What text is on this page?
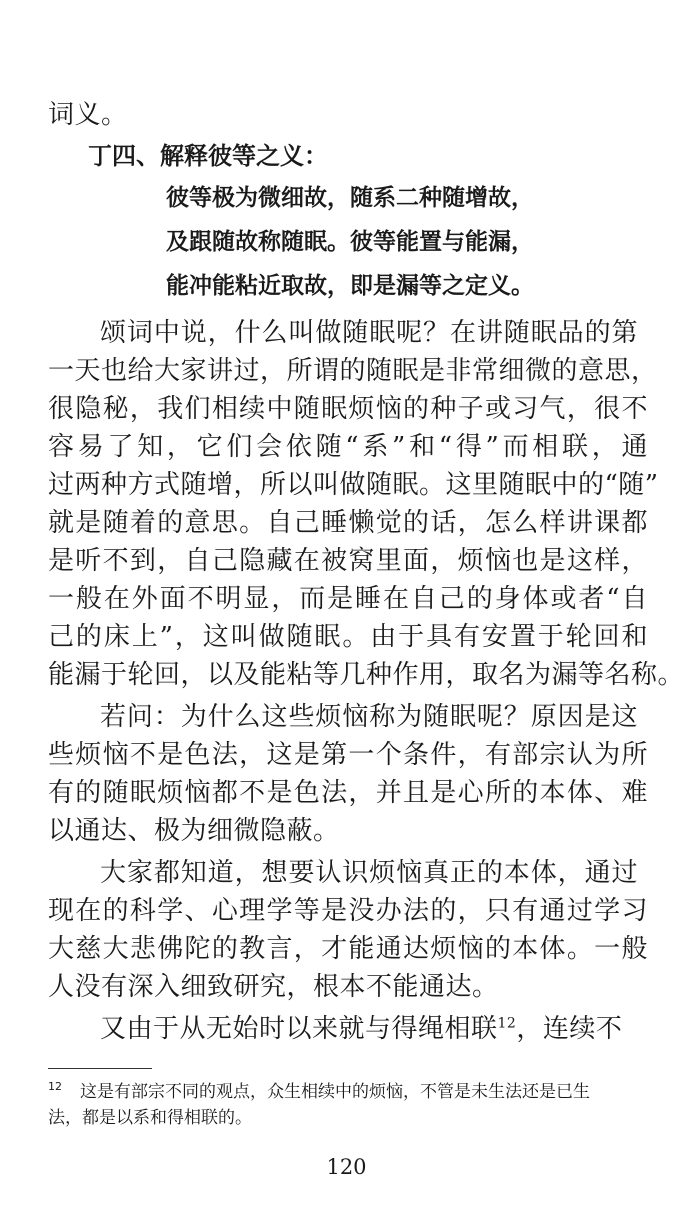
词义。
丁四、解释彼等之义：
彼等极为微细故，随系二种随增故，
及跟随故称随眠。彼等能置与能漏，
能冲能粘近取故，即是漏等之定义。
颂词中说，什么叫做随眠呢？在讲随眠品的第
一天也给大家讲过，所谓的随眠是非常细微的意思，
很隐秘，我们相续中随眠烦恼的种子或习气，很不
容易了知，它们会依随“系”和“得”而相联，通
过两种方式随增，所以叫做随眠。这里随眠中的“随”
就是随着的意思。自己睡懒觉的话，怎么样讲课都
是听不到，自己隐藏在被窝里面，烦恼也是这样，
一般在外面不明显，而是睡在自己的身体或者“自
己的床上”，这叫做随眠。由于具有安置于轮回和
能漏于轮回，以及能粘等几种作用，取名为漏等名称。
若问：为什么这些烦恼称为随眠呢？原因是这
些烦恼不是色法，这是第一个条件，有部宗认为所
有的随眠烦恼都不是色法，并且是心所的本体、难
以通达、极为细微隐蔽。
大家都知道，想要认识烦恼真正的本体，通过
现在的科学、心理学等是没办法的，只有通过学习
大慈大悲佛陀的教言，才能通达烦恼的本体。一般
人没有深入细致研究，根本不能通达。
又由于从无始时以来就与得绳相联$^{12}$，连续不
$^{12}$ 这是有部宗不同的观点，众生相续中的烦恼，不管是未生法还是已生
法，都是以系和得相联的。
120
